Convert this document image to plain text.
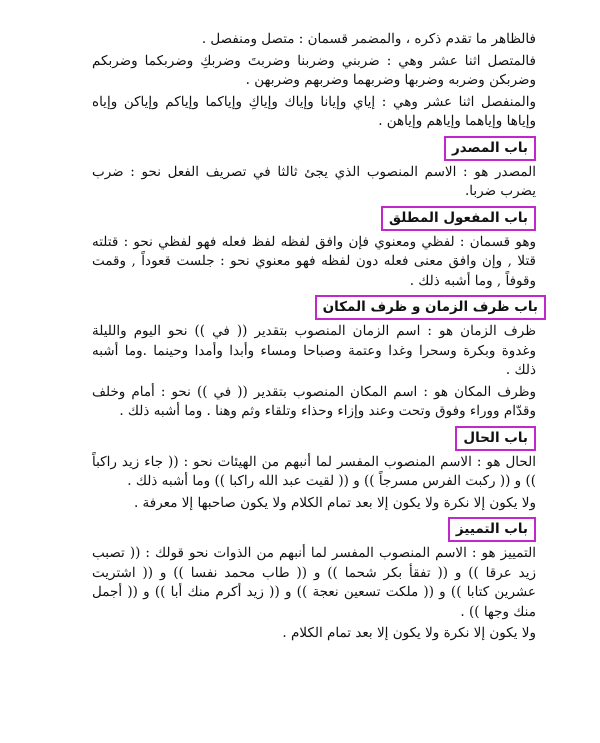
فالظاهر ما تقدم ذكره ، والمضمر قسمان : متصل ومنفصل .

فالمتصل اثنا عشر وهي : ضربني وضربنا وضربتَ وضربكِ وضربكما وضربكم وضربكن وضربه وضربها وضربهما وضربهم وضربهن .

والمنفصل اثنا عشر وهي : إياي وإيانا وإياك وإياكِ وإياكما وإياكم وإياكن وإياه وإياها وإياهما وإياهم وإياهن .

باب المصدر

المصدر هو : الاسم المنصوب الذي يجئ ثالثا في تصريف الفعل نحو : ضرب يضرب ضربا.

باب المفعول المطلق

وهو قسمان : لفظي ومعنوي فإن وافق لفظه لفظ فعله فهو لفظي نحو : قتلته قتلا , وإن وافق معنى فعله دون لفظه فهو معنوي نحو : جلست قعوداً , وقمت وقوفاً , وما أشبه ذلك .

باب ظرف الزمان و ظرف المكان

ظرف الزمان هو : اسم الزمان المنصوب بتقدير (( في )) نحو اليوم والليلة وغدوة وبكرة وسحرا وغدا وعتمة وصباحا ومساء وأبدا وأمدا وحينما .وما أشبه ذلك .

وظرف المكان هو : اسم المكان المنصوب بتقدير (( في )) نحو : أمام وخلف وقدّام ووراء وفوق وتحت وعند وإزاء وحذاء وتلقاء وثم وهنا . وما أشبه ذلك .

باب الحال

الحال هو : الاسم المنصوب المفسر لما أنبهم من الهيئات نحو : (( جاء زيد راكباً )) و (( ركبت الفرس مسرجاً )) و (( لقيت عبد الله راكبا )) وما أشبه ذلك .

ولا يكون إلا نكرة ولا يكون إلا بعد تمام الكلام ولا يكون صاحبها إلا معرفة .

باب التمييز

التمييز هو : الاسم المنصوب المفسر لما أنبهم من الذوات نحو قولك : (( تصبب زيد عرقا )) و (( تفقأ بكر شحما )) و (( طاب محمد نفسا )) و (( اشتريت عشرين كتابا )) و (( ملكت تسعين نعجة )) و (( زيد أكرم منك أبا )) و (( أجمل منك وجها )) .

ولا يكون إلا نكرة ولا يكون إلا بعد تمام الكلام .
